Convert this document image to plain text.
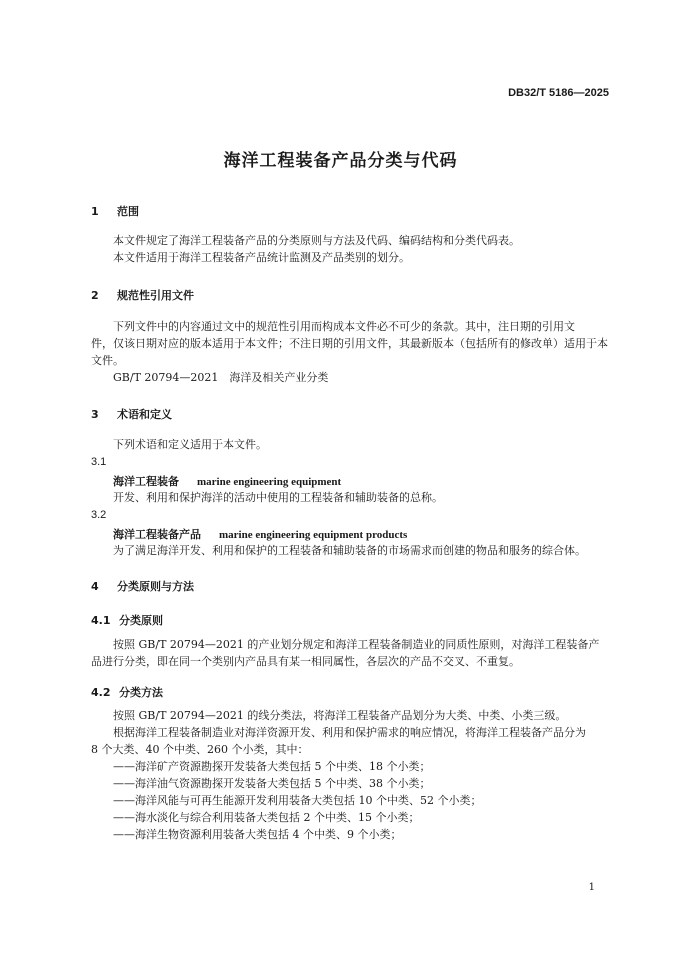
DB32/T 5186—2025
海洋工程装备产品分类与代码
1 范围
本文件规定了海洋工程装备产品的分类原则与方法及代码、编码结构和分类代码表。
本文件适用于海洋工程装备产品统计监测及产品类别的划分。
2 规范性引用文件
下列文件中的内容通过文中的规范性引用而构成本文件必不可少的条款。其中，注日期的引用文
件，仅该日期对应的版本适用于本文件；不注日期的引用文件，其最新版本（包括所有的修改单）适用于本
文件。
GB/T 20794—2021　海洋及相关产业分类
3 术语和定义
下列术语和定义适用于本文件。
3.1
海洋工程装备 marine engineering equipment
开发、利用和保护海洋的活动中使用的工程装备和辅助装备的总称。
3.2
海洋工程装备产品 marine engineering equipment products
为了满足海洋开发、利用和保护的工程装备和辅助装备的市场需求而创建的物品和服务的综合体。
4 分类原则与方法
4.1 分类原则
按照 GB/T 20794—2021 的产业划分规定和海洋工程装备制造业的同质性原则，对海洋工程装备产
品进行分类，即在同一个类别内产品具有某一相同属性，各层次的产品不交叉、不重复。
4.2 分类方法
按照 GB/T 20794—2021 的线分类法，将海洋工程装备产品划分为大类、中类、小类三级。
根据海洋工程装备制造业对海洋资源开发、利用和保护需求的响应情况，将海洋工程装备产品分为
8 个大类、40 个中类、260 个小类，其中：
——海洋矿产资源勘探开发装备大类包括 5 个中类、18 个小类；
——海洋油气资源勘探开发装备大类包括 5 个中类、38 个小类；
——海洋风能与可再生能源开发利用装备大类包括 10 个中类、52 个小类；
——海水淡化与综合利用装备大类包括 2 个中类、15 个小类；
——海洋生物资源利用装备大类包括 4 个中类、9 个小类；
1
